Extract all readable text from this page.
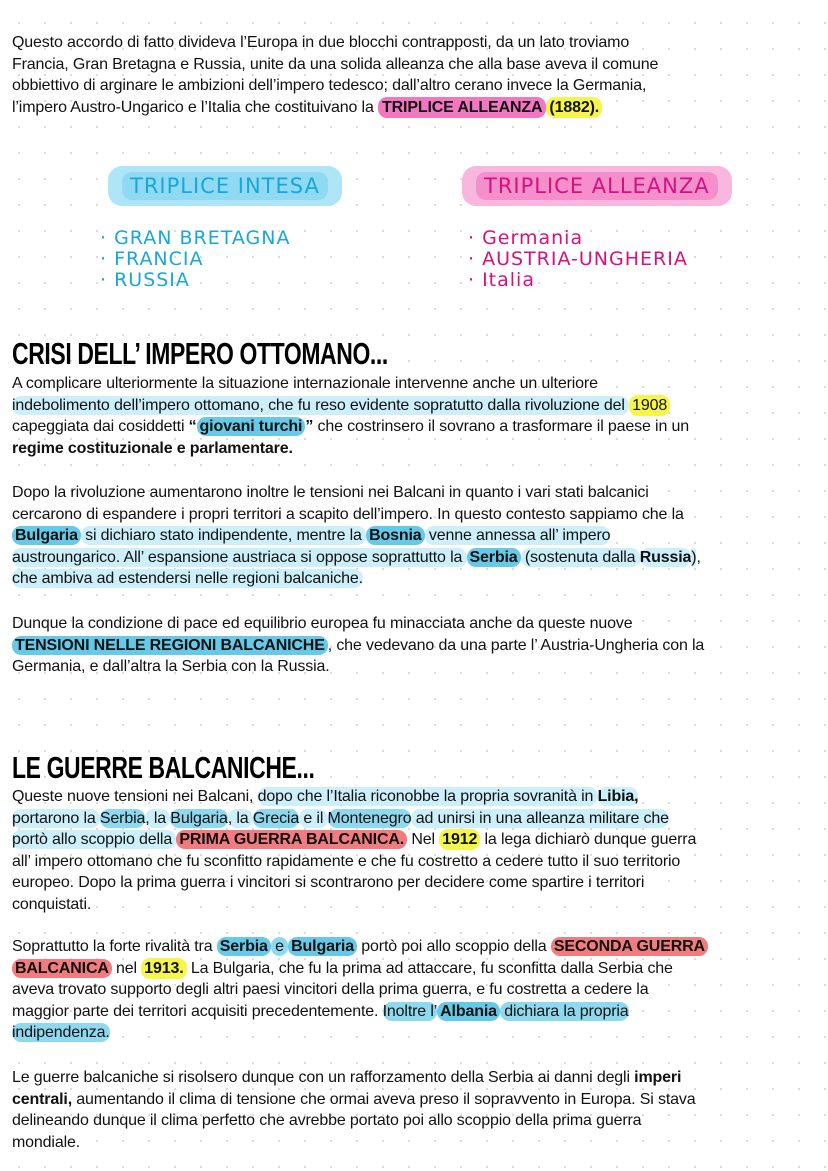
Questo accordo di fatto divideva l’Europa in due blocchi contrapposti, da un lato troviamo
Francia, Gran Bretagna e Russia, unite da una solida alleanza che alla base aveva il comune
obbiettivo di arginare le ambizioni dell’impero tedesco; dall’altro cerano invece la Germania,
l’impero Austro-Ungarico e l’Italia che costituivano la TRIPLICE ALLEANZA (1882).
TRIPLICE INTESA
· GRAN BRETAGNA
· FRANCIA
· RUSSIA
TRIPLICE ALLEANZA
· Germania
· AUSTRIA-UNGHERIA
· Italia
CRISI DELL’ IMPERO OTTOMANO...
A complicare ulteriormente la situazione internazionale intervenne anche un ulteriore
indebolimento dell’impero ottomano, che fu reso evidente sopratutto dalla rivoluzione del 1908
capeggiata dai cosiddetti “ giovani turchi ” che costrinsero il sovrano a trasformare il paese in un
regime costituzionale e parlamentare.
Dopo la rivoluzione aumentarono inoltre le tensioni nei Balcani in quanto i vari stati balcanici
cercarono di espandere i propri territori a scapito dell’impero. In questo contesto sappiamo che la
Bulgaria si dichiaro stato indipendente, mentre la Bosnia venne annessa all’ impero
austroungarico. All’ espansione austriaca si oppose soprattutto la Serbia (sostenuta dalla Russia),
che ambiva ad estendersi nelle regioni balcaniche.
Dunque la condizione di pace ed equilibrio europea fu minacciata anche da queste nuove
TENSIONI NELLE REGIONI BALCANICHE , che vedevano da una parte l’ Austria-Ungheria con la
Germania, e dall’altra la Serbia con la Russia.
LE GUERRE BALCANICHE...
Queste nuove tensioni nei Balcani, dopo che l’Italia riconobbe la propria sovranità in Libia,
portarono la Serbia, la Bulgaria, la Grecia e il Montenegro ad unirsi in una alleanza militare che
portò allo scoppio della PRIMA GUERRA BALCANICA. Nel 1912 la lega dichiarò dunque guerra
all’ impero ottomano che fu sconfitto rapidamente e che fu costretto a cedere tutto il suo territorio
europeo. Dopo la prima guerra i vincitori si scontrarono per decidere come spartire i territori
conquistati.
Soprattutto la forte rivalità tra Serbia e Bulgaria portò poi allo scoppio della SECONDA GUERRA
BALCANICA nel 1913. La Bulgaria, che fu la prima ad attaccare, fu sconfitta dalla Serbia che
aveva trovato supporto degli altri paesi vincitori della prima guerra, e fu costretta a cedere la
maggior parte dei territori acquisiti precedentemente. Inoltre l’ Albania dichiara la propria
indipendenza.
Le guerre balcaniche si risolsero dunque con un rafforzamento della Serbia ai danni degli imperi
centrali, aumentando il clima di tensione che ormai aveva preso il sopravvento in Europa. Si stava
delineando dunque il clima perfetto che avrebbe portato poi allo scoppio della prima guerra
mondiale.
